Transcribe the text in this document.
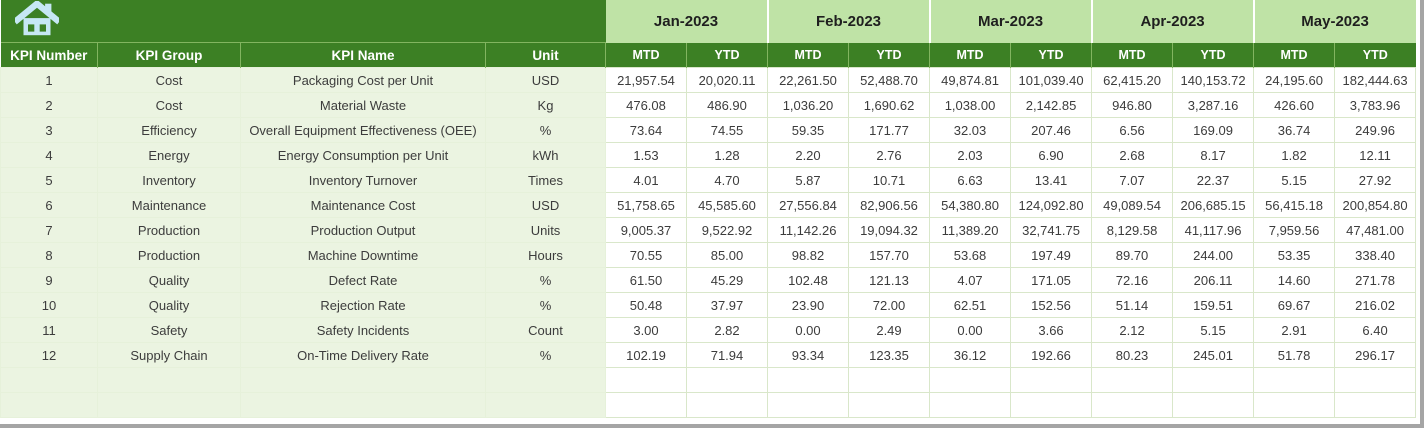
	Jan-2023		Feb-2023		Mar-2023		Apr-2023		May-2023	
KPI Number	KPI Group	KPI Name	Unit	MTD	YTD	MTD	YTD	MTD	YTD	MTD	YTD	MTD	YTD
1	Cost	Packaging Cost per Unit	USD	21,957.54	20,020.11	22,261.50	52,488.70	49,874.81	101,039.40	62,415.20	140,153.72	24,195.60	182,444.63
2	Cost	Material Waste	Kg	476.08	486.90	1,036.20	1,690.62	1,038.00	2,142.85	946.80	3,287.16	426.60	3,783.96
3	Efficiency	Overall Equipment Effectiveness (OEE)	%	73.64	74.55	59.35	171.77	32.03	207.46	6.56	169.09	36.74	249.96
4	Energy	Energy Consumption per Unit	kWh	1.53	1.28	2.20	2.76	2.03	6.90	2.68	8.17	1.82	12.11
5	Inventory	Inventory Turnover	Times	4.01	4.70	5.87	10.71	6.63	13.41	7.07	22.37	5.15	27.92
6	Maintenance	Maintenance Cost	USD	51,758.65	45,585.60	27,556.84	82,906.56	54,380.80	124,092.80	49,089.54	206,685.15	56,415.18	200,854.80
7	Production	Production Output	Units	9,005.37	9,522.92	11,142.26	19,094.32	11,389.20	32,741.75	8,129.58	41,117.96	7,959.56	47,481.00
8	Production	Machine Downtime	Hours	70.55	85.00	98.82	157.70	53.68	197.49	89.70	244.00	53.35	338.40
9	Quality	Defect Rate	%	61.50	45.29	102.48	121.13	4.07	171.05	72.16	206.11	14.60	271.78
10	Quality	Rejection Rate	%	50.48	37.97	23.90	72.00	62.51	152.56	51.14	159.51	69.67	216.02
11	Safety	Safety Incidents	Count	3.00	2.82	0.00	2.49	0.00	3.66	2.12	5.15	2.91	6.40
12	Supply Chain	On-Time Delivery Rate	%	102.19	71.94	93.34	123.35	36.12	192.66	80.23	245.01	51.78	296.17
